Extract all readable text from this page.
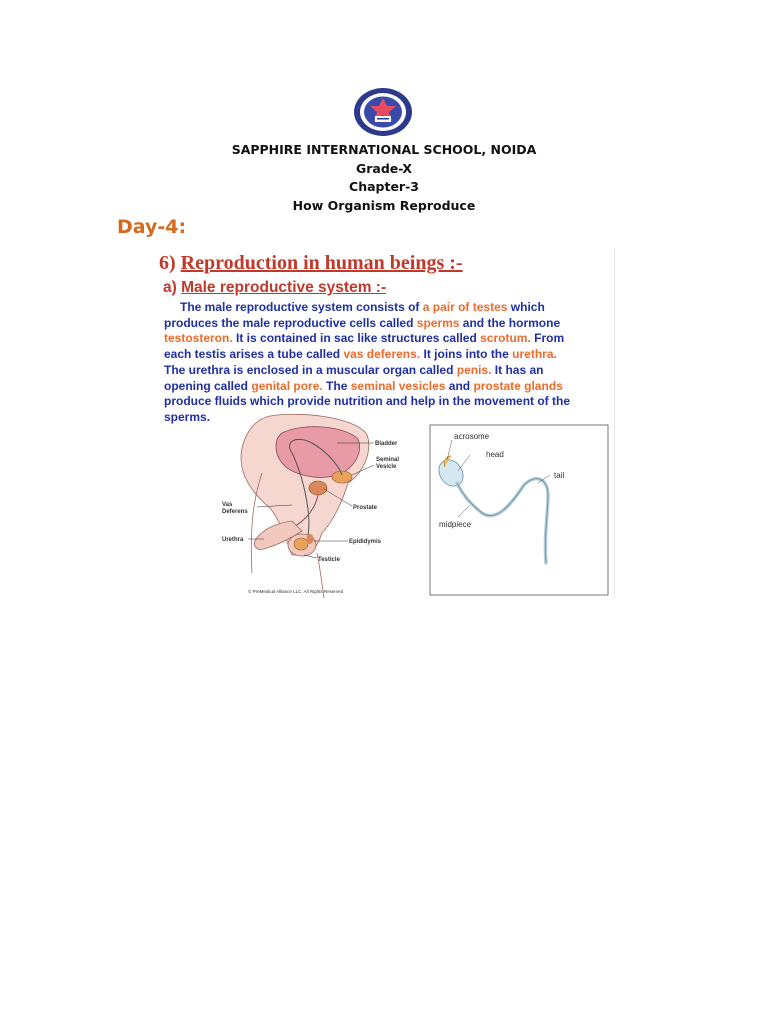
SAPPHIRE INTERNATIONAL SCHOOL, NOIDA
Grade-X
Chapter-3
How Organism Reproduce
Day-4:
6) Reproduction in human beings :-
a) Male reproductive system :-

The male reproductive system consists of a pair of testes which

produces the male reproductive cells called sperms and the hormone

testosteron. It is contained in sac like structures called scrotum. From

each testis arises a tube called vas deferens. It joins into the urethra.

The urethra is enclosed in a muscular organ called penis. It has an

opening called genital pore. The seminal vesicles and prostate glands

produce fluids which provide nutrition and help in the movement of the

sperms.

Bladder
Seminal
Vesicle
Vas
Deferens
Prostate
Urethra	Epididymis
Testicle
© PreMedical Alliance LLC. All Rights Reserved
acrosome
head
tail
midpiece
